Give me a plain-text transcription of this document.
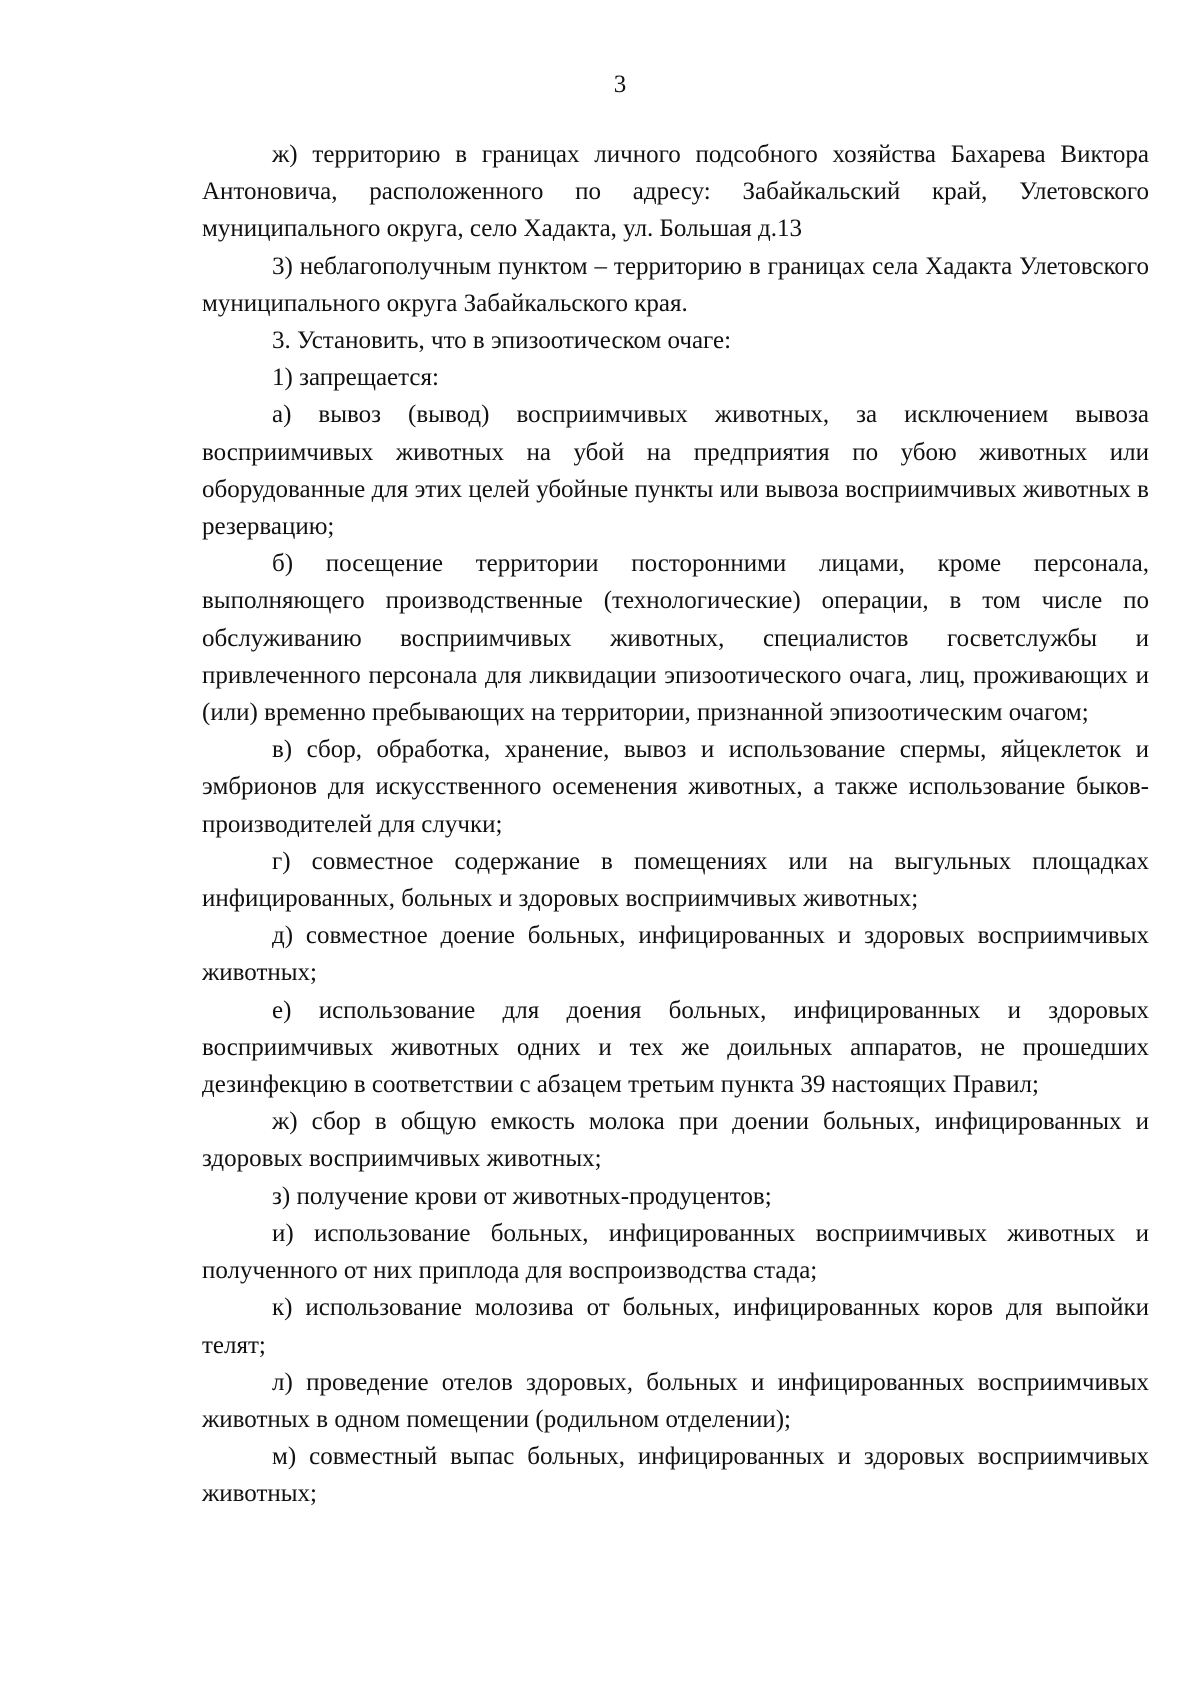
3

ж) территорию в границах личного подсобного хозяйства Бахарева Виктора Антоновича, расположенного по адресу: Забайкальский край, Улетовского муниципального округа, село Хадакта, ул. Большая д.13

3) неблагополучным пунктом – территорию в границах села Хадакта Улетовского муниципального округа Забайкальского края.

3. Установить, что в эпизоотическом очаге:

1) запрещается:

а) вывоз (вывод) восприимчивых животных, за исключением вывоза восприимчивых животных на убой на предприятия по убою животных или оборудованные для этих целей убойные пункты или вывоза восприимчивых животных в резервацию;

б) посещение территории посторонними лицами, кроме персонала, выполняющего производственные (технологические) операции, в том числе по обслуживанию восприимчивых животных, специалистов госветслужбы и привлеченного персонала для ликвидации эпизоотического очага, лиц, проживающих и (или) временно пребывающих на территории, признанной эпизоотическим очагом;

в) сбор, обработка, хранение, вывоз и использование спермы, яйцеклеток и эмбрионов для искусственного осеменения животных, а также использование быков-производителей для случки;

г) совместное содержание в помещениях или на выгульных площадках инфицированных, больных и здоровых восприимчивых животных;

д) совместное доение больных, инфицированных и здоровых восприимчивых животных;

е) использование для доения больных, инфицированных и здоровых восприимчивых животных одних и тех же доильных аппаратов, не прошедших дезинфекцию в соответствии с абзацем третьим пункта 39 настоящих Правил;

ж) сбор в общую емкость молока при доении больных, инфицированных и здоровых восприимчивых животных;

з) получение крови от животных-продуцентов;

и) использование больных, инфицированных восприимчивых животных и полученного от них приплода для воспроизводства стада;

к) использование молозива от больных, инфицированных коров для выпойки телят;

л) проведение отелов здоровых, больных и инфицированных восприимчивых животных в одном помещении (родильном отделении);

м) совместный выпас больных, инфицированных и здоровых восприимчивых животных;
